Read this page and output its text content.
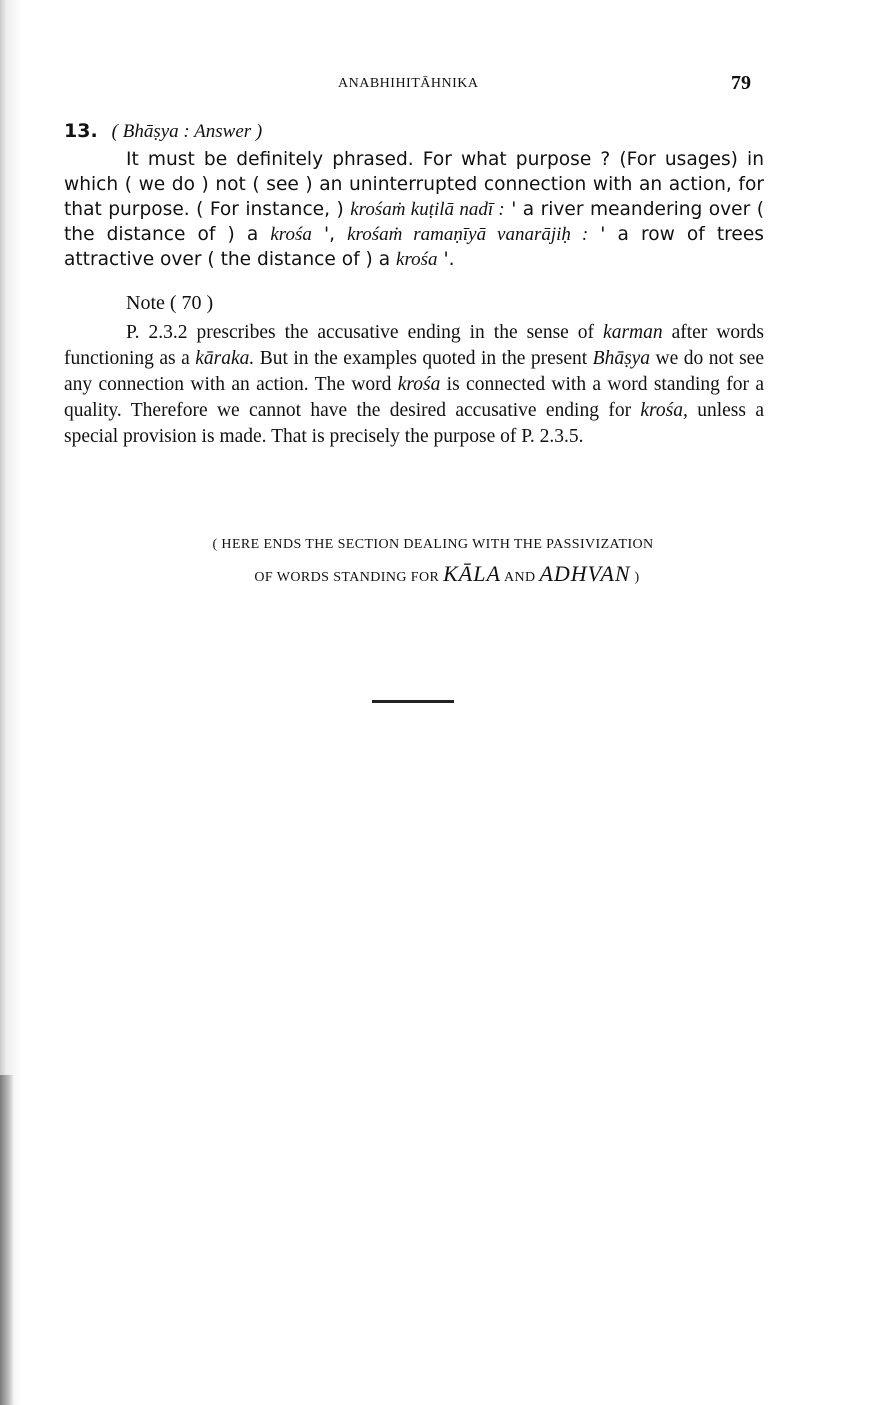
ANABHIHITĀHNIKA	79
13. ( Bhāṣya : Answer )

It must be definitely phrased. For what purpose ? (For usages) in which ( we do ) not ( see ) an uninterrupted connection with an action, for that purpose. ( For instance, ) krośaṁ kuṭilā nadī : ' a river meandering over ( the distance of ) a krośa ', krośaṁ ramaṇīyā vanarājiḥ : ' a row of trees attractive over ( the distance of ) a krośa '.

Note ( 70 )

P. 2.3.2 prescribes the accusative ending in the sense of karman after words functioning as a kāraka. But in the examples quoted in the present Bhāṣya we do not see any connection with an action. The word krośa is connected with a word standing for a quality. Therefore we cannot have the desired accusative ending for krośa, unless a special provision is made. That is precisely the purpose of P. 2.3.5.

( HERE ENDS THE SECTION DEALING WITH THE PASSIVIZATION
OF WORDS STANDING FOR KĀLA AND ADHVAN )
